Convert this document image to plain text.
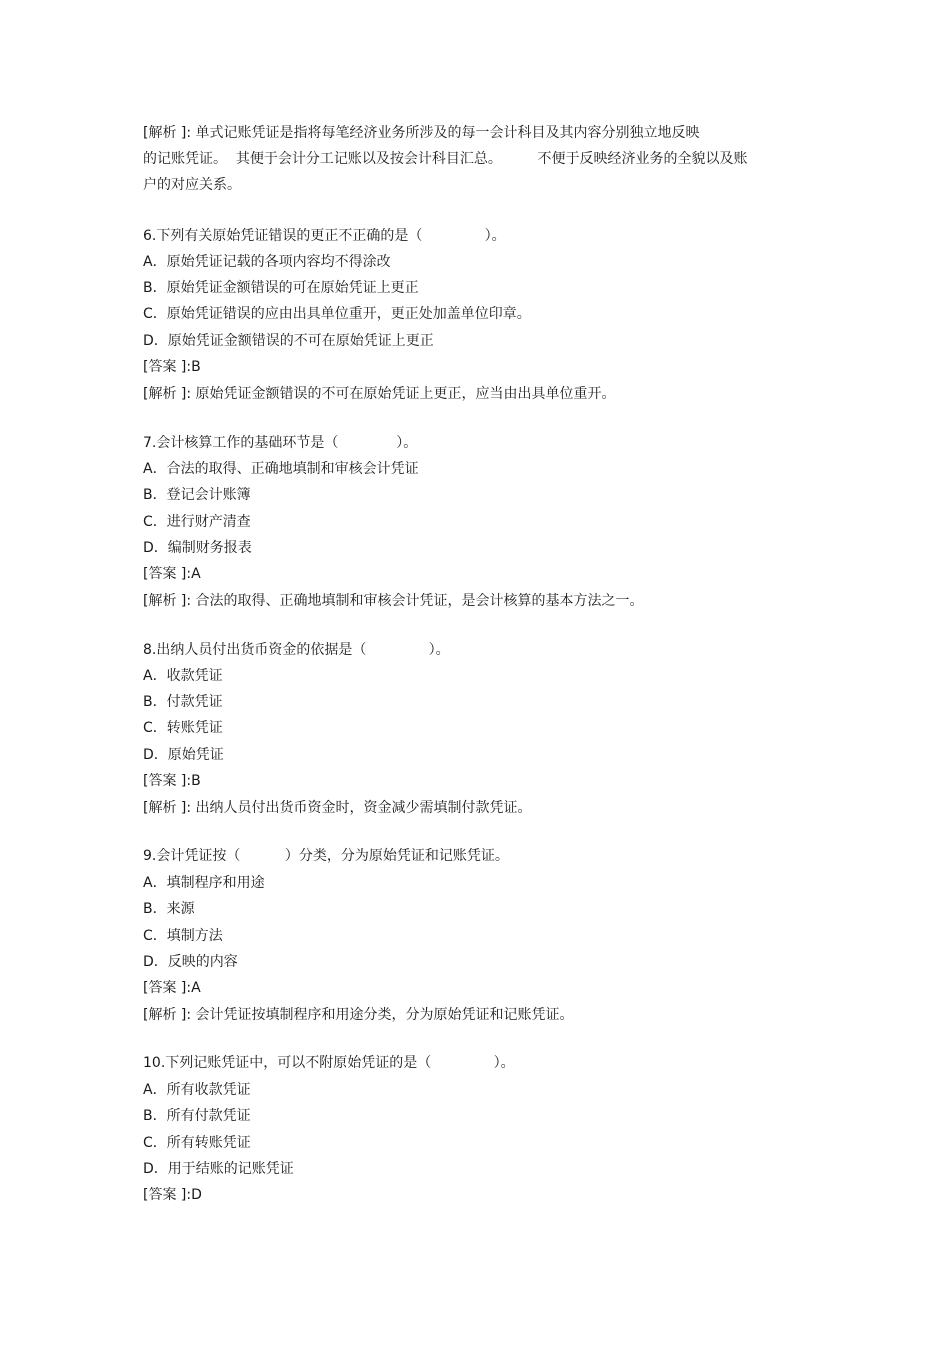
[解析 ]: 单式记账凭证是指将每笔经济业务所涉及的每一会计科目及其内容分别独立地反映
的记账凭证。  其便于会计分工记账以及按会计科目汇总。        不便于反映经济业务的全貌以及账
户的对应关系。
6.下列有关原始凭证错误的更正不正确的是（              ）。
A．原始凭证记载的各项内容均不得涂改
B．原始凭证金额错误的可在原始凭证上更正
C．原始凭证错误的应由出具单位重开，更正处加盖单位印章。
D．原始凭证金额错误的不可在原始凭证上更正
[答案 ]:B
[解析 ]: 原始凭证金额错误的不可在原始凭证上更正，应当由出具单位重开。
7.会计核算工作的基础环节是（             ）。
A．合法的取得、正确地填制和审核会计凭证
B．登记会计账簿
C．进行财产清查
D．编制财务报表
[答案 ]:A
[解析 ]: 合法的取得、正确地填制和审核会计凭证，是会计核算的基本方法之一。
8.出纳人员付出货币资金的依据是（              ）。
A．收款凭证
B．付款凭证
C．转账凭证
D．原始凭证
[答案 ]:B
[解析 ]: 出纳人员付出货币资金时，资金减少需填制付款凭证。
9.会计凭证按（          ）分类，分为原始凭证和记账凭证。
A．填制程序和用途
B．来源
C．填制方法
D．反映的内容
[答案 ]:A
[解析 ]: 会计凭证按填制程序和用途分类，分为原始凭证和记账凭证。
10.下列记账凭证中，可以不附原始凭证的是（              ）。
A．所有收款凭证
B．所有付款凭证
C．所有转账凭证
D．用于结账的记账凭证
[答案 ]:D
